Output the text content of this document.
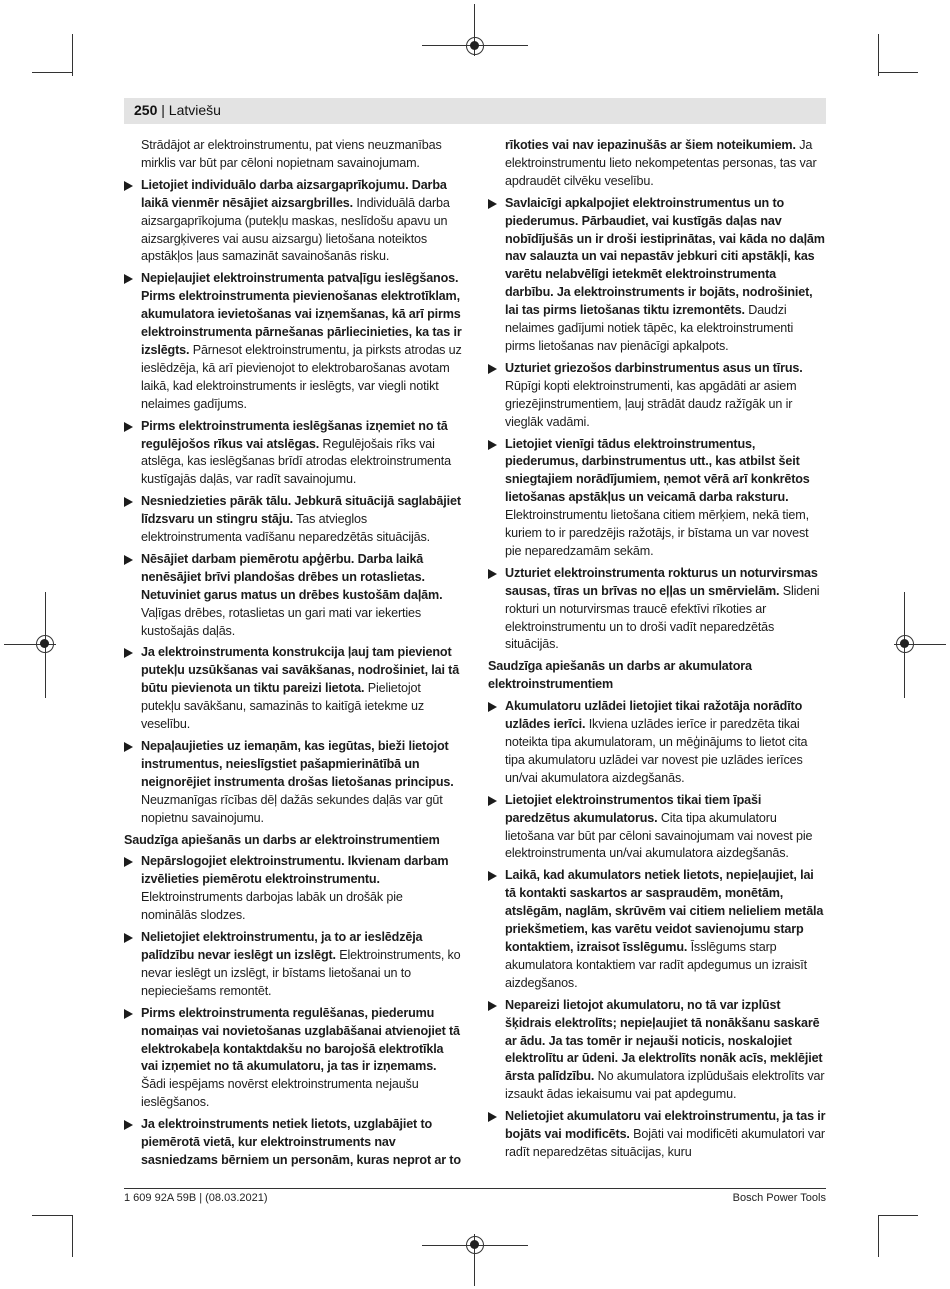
250 | Latviešu
Strādājot ar elektroinstrumentu, pat viens neuzmanības mirklis var būt par cēloni nopietnam savainojumam.
Lietojiet individuālo darba aizsargaprīkojumu. Darba laikā vienmēr nēsājiet aizsargbrilles. Individuālā darba aizsargaprīkojuma (putekļu maskas, neslīdošu apavu un aizsargķiveres vai ausu aizsargu) lietošana noteiktos apstākļos ļaus samazināt savainošanās risku.
Nepieļaujiet elektroinstrumenta patvaļīgu ieslēgšanos. Pirms elektroinstrumenta pievienošanas elektrotīklam, akumulatora ievietošanas vai izņemšanas, kā arī pirms elektroinstrumenta pārnešanas pārliecinieties, ka tas ir izslēgts. Pārnesot elektroinstrumentu, ja pirksts atrodas uz ieslēdzēja, kā arī pievienojot to elektrobarošanas avotam laikā, kad elektroinstruments ir ieslēgts, var viegli notikt nelaimes gadījums.
Pirms elektroinstrumenta ieslēgšanas izņemiet no tā regulējošos rīkus vai atslēgas. Regulējošais rīks vai atslēga, kas ieslēgšanas brīdī atrodas elektroinstrumenta kustīgajās daļās, var radīt savainojumu.
Nesniedzieties pārāk tālu. Jebkurā situācijā saglabājiet līdzsvaru un stingru stāju. Tas atvieglos elektroinstrumenta vadīšanu neparedzētās situācijās.
Nēsājiet darbam piemērotu apģērbu. Darba laikā nenēsājiet brīvi plandošas drēbes un rotaslietas. Netuviniet garus matus un drēbes kustošām daļām. Vaļīgas drēbes, rotaslietas un gari mati var iekerties kustošajās daļās.
Ja elektroinstrumenta konstrukcija ļauj tam pievienot putekļu uzsūkšanas vai savākšanas, nodrošiniet, lai tā būtu pievienota un tiktu pareizi lietota. Pielietojot putekļu savākšanu, samazinās to kaitīgā ietekme uz veselību.
Nepaļaujieties uz iemaņām, kas iegūtas, bieži lietojot instrumentus, neieslīgstiet pašapmierinātībā un neignorējiet instrumenta drošas lietošanas principus. Neuzmanīgas rīcības dēļ dažās sekundes daļās var gūt nopietnu savainojumu.
Saudzīga apiešanās un darbs ar elektroinstrumentiem
Nepārslogojiet elektroinstrumentu. Ikvienam darbam izvēlieties piemērotu elektroinstrumentu. Elektroinstruments darbojas labāk un drošāk pie nominālās slodzes.
Nelietojiet elektroinstrumentu, ja to ar ieslēdzēja palīdzību nevar ieslēgt un izslēgt. Elektroinstruments, ko nevar ieslēgt un izslēgt, ir bīstams lietošanai un to nepieciešams remontēt.
Pirms elektroinstrumenta regulēšanas, piederumu nomaiņas vai novietošanas uzglabāšanai atvienojiet tā elektrokabeļa kontaktdakšu no barojošā elektrotīkla vai izņemiet no tā akumulatoru, ja tas ir izņemams. Šādi iespējams novērst elektroinstrumenta nejaušu ieslēgšanos.
Ja elektroinstruments netiek lietots, uzglabājiet to piemērotā vietā, kur elektroinstruments nav sasniedzams bērniem un personām, kuras neprot ar to
rīkoties vai nav iepazinušās ar šiem noteikumiem. Ja elektroinstrumentu lieto nekompetentas personas, tas var apdraudēt cilvēku veselību.
Savlaicīgi apkalpojiet elektroinstrumentus un to piederumus. Pārbaudiet, vai kustīgās daļas nav nobīdījušās un ir droši iestiprinātas, vai kāda no daļām nav salauzta un vai nepastāv jebkuri citi apstākļi, kas varētu nelabvēlīgi ietekmēt elektroinstrumenta darbību. Ja elektroinstruments ir bojāts, nodrošiniet, lai tas pirms lietošanas tiktu izremontēts. Daudzi nelaimes gadījumi notiek tāpēc, ka elektroinstrumenti pirms lietošanas nav pienācīgi apkalpots.
Uzturiet griezošos darbinstrumentus asus un tīrus. Rūpīgi kopti elektroinstrumenti, kas apgādāti ar asiem griezējinstrumentiem, ļauj strādāt daudz ražīgāk un ir vieglāk vadāmi.
Lietojiet vienīgi tādus elektroinstrumentus, piederumus, darbinstrumentus utt., kas atbilst šeit sniegtajiem norādījumiem, ņemot vērā arī konkrētos lietošanas apstākļus un veicamā darba raksturu. Elektroinstrumentu lietošana citiem mērķiem, nekā tiem, kuriem to ir paredzējis ražotājs, ir bīstama un var novest pie neparedzamām sekām.
Uzturiet elektroinstrumenta rokturus un noturvirsmas sausas, tīras un brīvas no eļļas un smērvielām. Slideni rokturi un noturvirsmas traucē efektīvi rīkoties ar elektroinstrumentu un to droši vadīt neparedzētās situācijās.
Saudzīga apiešanās un darbs ar akumulatora elektroinstrumentiem
Akumulatoru uzlādei lietojiet tikai ražotāja norādīto uzlādes ierīci. Ikviena uzlādes ierīce ir paredzēta tikai noteikta tipa akumulatoram, un mēģinājums to lietot cita tipa akumulatoru uzlādei var novest pie uzlādes ierīces un/vai akumulatora aizdegšanās.
Lietojiet elektroinstrumentos tikai tiem īpaši paredzētus akumulatorus. Cita tipa akumulatoru lietošana var būt par cēloni savainojumam vai novest pie elektroinstrumenta un/vai akumulatora aizdegšanās.
Laikā, kad akumulators netiek lietots, nepieļaujiet, lai tā kontakti saskartos ar saspraudēm, monētām, atslēgām, naglām, skrūvēm vai citiem nelieliem metāla priekšmetiem, kas varētu veidot savienojumu starp kontaktiem, izraisot īsslēgumu. Īsslēgums starp akumulatora kontaktiem var radīt apdegumus un izraisīt aizdegšanos.
Nepareizi lietojot akumulatoru, no tā var izplūst šķidrais elektrolīts; nepieļaujiet tā nonākšanu saskarē ar ādu. Ja tas tomēr ir nejauši noticis, noskalojiet elektrolītu ar ūdeni. Ja elektrolīts nonāk acīs, meklējiet ārsta palīdzību. No akumulatora izplūdušais elektrolīts var izsaukt ādas iekaisumu vai pat apdegumu.
Nelietojiet akumulatoru vai elektroinstrumentu, ja tas ir bojāts vai modificēts. Bojāti vai modificēti akumulatori var radīt neparedzētas situācijas, kuru
1 609 92A 59B | (08.03.2021)	Bosch Power Tools
